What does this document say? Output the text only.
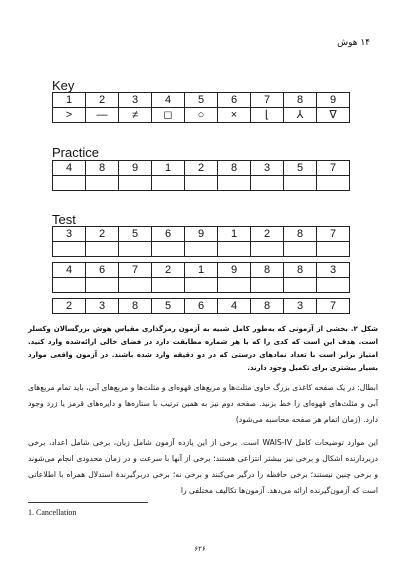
۱۴ هوش
Key
1	2	3	4	5	6	7	8	9
>	—	≠	◻	○	×	⌊	⅄	∇
Practice
4	8	9	1	2	8	3	5	7

Test
3	2	5	6	9	1	2	8	7

4	6	7	2	1	9	8	8	3

2	3	8	5	6	4	8	3	7
شکل ۲. بخشی از آزمونی که به‌طور کامل شبیه به آزمون رمزگذاری مقیاس هوش بزرگسالان وکسلر است. هدف این است که کدی را که با هر شماره مطابقت دارد در فضای خالی ارائه‌شده وارد کنید. امتیاز برابر است با تعداد نمادهای درستی که در دو دقیقه وارد شده باشند. در آزمون واقعی موارد بسیار بیشتری برای تکمیل وجود دارند.
ابطال: در یک صفحه کاغذی بزرگ حاوی مثلث‌ها و مربع‌های قهوه‌ای و مثلث‌ها و مربع‌های آبی، باید تمام مربع‌های آبی و مثلث‌های قهوه‌ای را خط بزنید. صفحه دوم نیز به همین ترتیب با ستاره‌ها و دایره‌های قرمز یا زرد وجود دارد. (زمان اتمام هر صفحه محاسبه می‌شود)
این موارد توضیحات کامل WAIS-IV است. برخی از این یازده آزمون شامل زبان، برخی شامل اعداد، برخی دربردارنده اشکال و برخی نیز بیشتر انتزاعی هستند؛ برخی از آنها با سرعت و در زمان محدودی انجام می‌شوند و برخی چنین نیستند؛ برخی حافظه را درگیر می‌کنند و برخی نه؛ برخی دربرگیرندهٔ استدلال همراه با اطلاعاتی است که آزمون‌گیرنده ارائه می‌دهد. آزمون‌ها تکالیف مختلفی را
1. Cancellation
۶۲۶
